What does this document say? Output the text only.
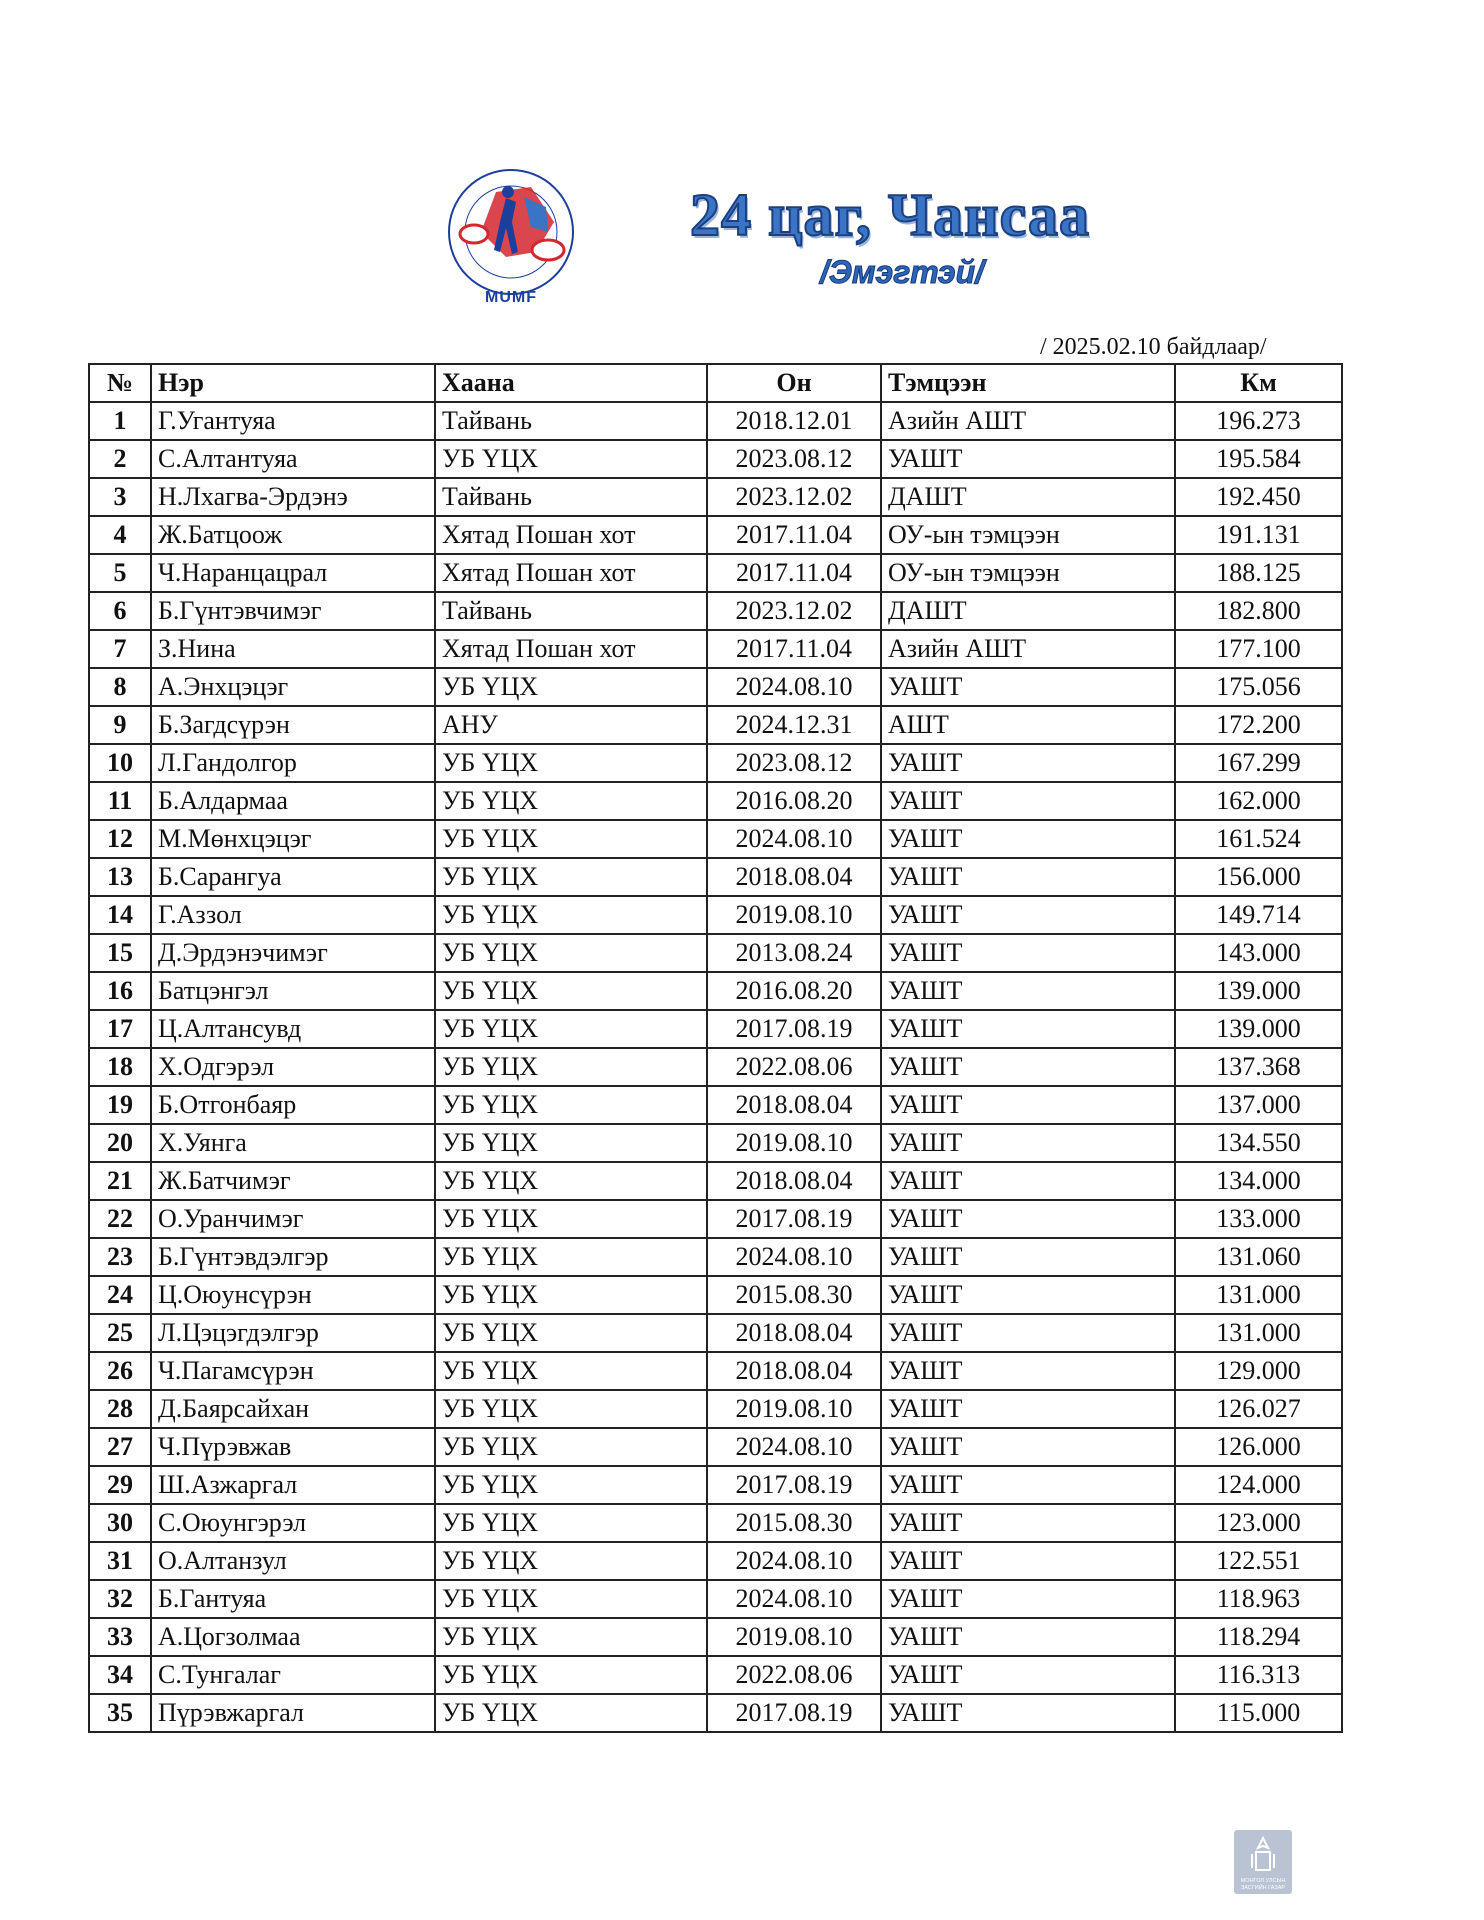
MUMF
24 цаг, Чансаа
/Эмэгтэй/
/ 2025.02.10 байдлаар/
№	Нэр	Хаана	Он	Тэмцээн	Км
1	Г.Угантуяа	Тайвань	2018.12.01	Азийн АШТ	196.273
2	С.Алтантуяа	УБ ҮЦХ	2023.08.12	УАШТ	195.584
3	Н.Лхагва-Эрдэнэ	Тайвань	2023.12.02	ДАШТ	192.450
4	Ж.Батцоож	Хятад Пошан хот	2017.11.04	ОУ-ын тэмцээн	191.131
5	Ч.Наранцацрал	Хятад Пошан хот	2017.11.04	ОУ-ын тэмцээн	188.125
6	Б.Гүнтэвчимэг	Тайвань	2023.12.02	ДАШТ	182.800
7	З.Нина	Хятад Пошан хот	2017.11.04	Азийн АШТ	177.100
8	А.Энхцэцэг	УБ ҮЦХ	2024.08.10	УАШТ	175.056
9	Б.Загдсүрэн	АНУ	2024.12.31	АШТ	172.200
10	Л.Гандолгор	УБ ҮЦХ	2023.08.12	УАШТ	167.299
11	Б.Алдармаа	УБ ҮЦХ	2016.08.20	УАШТ	162.000
12	М.Мөнхцэцэг	УБ ҮЦХ	2024.08.10	УАШТ	161.524
13	Б.Сарангуа	УБ ҮЦХ	2018.08.04	УАШТ	156.000
14	Г.Аззол	УБ ҮЦХ	2019.08.10	УАШТ	149.714
15	Д.Эрдэнэчимэг	УБ ҮЦХ	2013.08.24	УАШТ	143.000
16	Батцэнгэл	УБ ҮЦХ	2016.08.20	УАШТ	139.000
17	Ц.Алтансувд	УБ ҮЦХ	2017.08.19	УАШТ	139.000
18	Х.Одгэрэл	УБ ҮЦХ	2022.08.06	УАШТ	137.368
19	Б.Отгонбаяр	УБ ҮЦХ	2018.08.04	УАШТ	137.000
20	Х.Уянга	УБ ҮЦХ	2019.08.10	УАШТ	134.550
21	Ж.Батчимэг	УБ ҮЦХ	2018.08.04	УАШТ	134.000
22	О.Уранчимэг	УБ ҮЦХ	2017.08.19	УАШТ	133.000
23	Б.Гүнтэвдэлгэр	УБ ҮЦХ	2024.08.10	УАШТ	131.060
24	Ц.Оюунсүрэн	УБ ҮЦХ	2015.08.30	УАШТ	131.000
25	Л.Цэцэгдэлгэр	УБ ҮЦХ	2018.08.04	УАШТ	131.000
26	Ч.Пагамсүрэн	УБ ҮЦХ	2018.08.04	УАШТ	129.000
28	Д.Баярсайхан	УБ ҮЦХ	2019.08.10	УАШТ	126.027
27	Ч.Пүрэвжав	УБ ҮЦХ	2024.08.10	УАШТ	126.000
29	Ш.Азжаргал	УБ ҮЦХ	2017.08.19	УАШТ	124.000
30	С.Оюунгэрэл	УБ ҮЦХ	2015.08.30	УАШТ	123.000
31	О.Алтанзул	УБ ҮЦХ	2024.08.10	УАШТ	122.551
32	Б.Гантуяа	УБ ҮЦХ	2024.08.10	УАШТ	118.963
33	А.Цогзолмаа	УБ ҮЦХ	2019.08.10	УАШТ	118.294
34	С.Тунгалаг	УБ ҮЦХ	2022.08.06	УАШТ	116.313
35	Пүрэвжаргал	УБ ҮЦХ	2017.08.19	УАШТ	115.000
МОНГОЛ УЛСЫН
ЗАСГИЙН ГАЗАР
